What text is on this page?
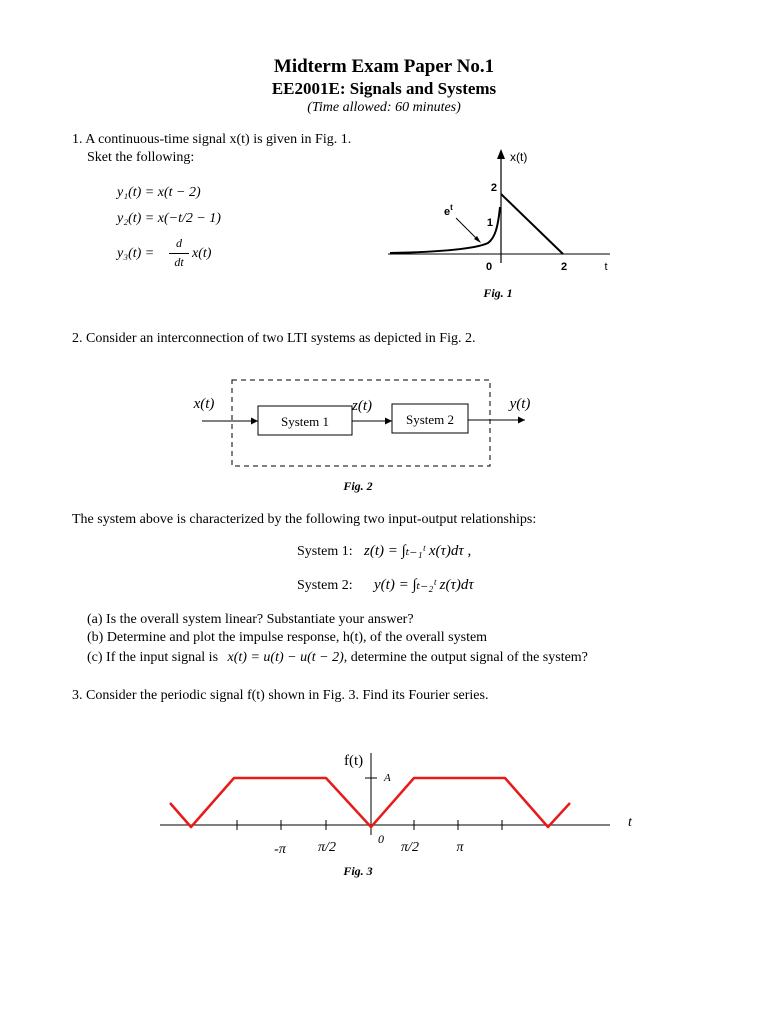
Midterm Exam Paper No.1
EE2001E: Signals and Systems
(Time allowed: 60 minutes)
1. A continuous-time signal x(t) is given in Fig. 1.
Sket the following:
y₁(t) = x(t − 2)
y₂(t) = x(−t/2 − 1)
y₃(t) =
d
dt
x(t)
2
1
0	2	t
x(t)
$e^t$
Fig. 1
2. Consider an interconnection of two LTI systems as depicted in Fig. 2.
System 1	System 2
x(t)	z(t)	y(t)
Fig. 2
The system above is characterized by the following two input-output relationships:
System 1: z(t) = ∫ₜ₋₁ᵗ x(τ)dτ ,
System 2: y(t) = ∫ₜ₋₂ᵗ z(τ)dτ
(a) Is the overall system linear? Substantiate your answer?
(b) Determine and plot the impulse response, h(t), of the overall system
(c) If the input signal is x(t) = u(t) − u(t − 2), determine the output signal of the system?
3. Consider the periodic signal f(t) shown in Fig. 3. Find its Fourier series.
f(t)
A
0
t
-π π/2	π/2	π
Fig. 3
